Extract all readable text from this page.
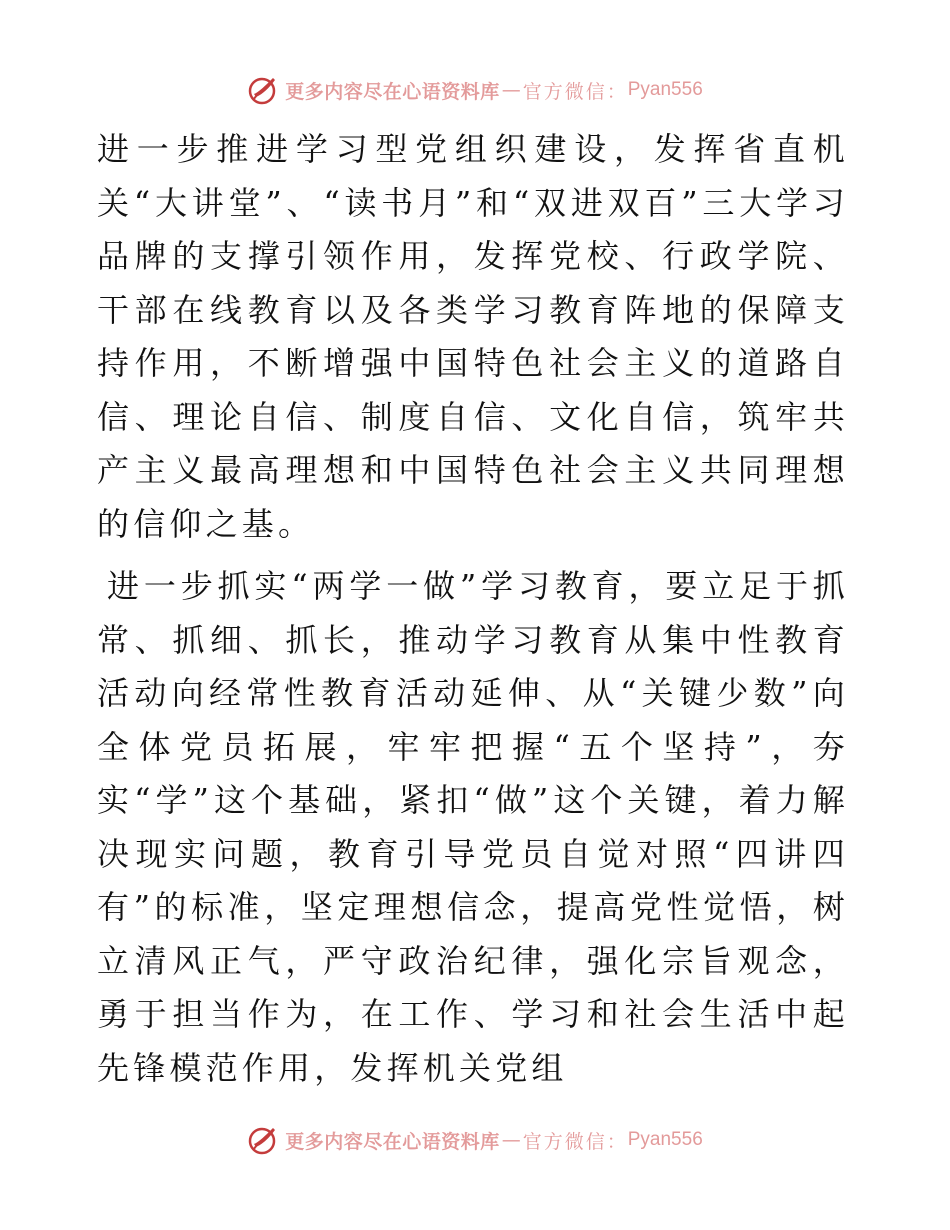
更多内容尽在心语资料库 — 官方微信： Pyan556

进一步推进学习型党组织建设，发挥省直机关“大讲堂”、“读书月”和“双进双百”三大学习品牌的支撑引领作用，发挥党校、行政学院、干部在线教育以及各类学习教育阵地的保障支持作用，不断增强中国特色社会主义的道路自信、理论自信、制度自信、文化自信，筑牢共产主义最高理想和中国特色社会主义共同理想的信仰之基。

进一步抓实“两学一做”学习教育，要立足于抓常、抓细、抓长，推动学习教育从集中性教育活动向经常性教育活动延伸、从“关键少数”向全体党员拓展，牢牢把握“五个坚持”，夯实“学”这个基础，紧扣“做”这个关键，着力解决现实问题，教育引导党员自觉对照“四讲四有”的标准，坚定理想信念，提高党性觉悟，树立清风正气，严守政治纪律，强化宗旨观念，勇于担当作为，在工作、学习和社会生活中起先锋模范作用，发挥机关党组

更多内容尽在心语资料库 — 官方微信： Pyan556
